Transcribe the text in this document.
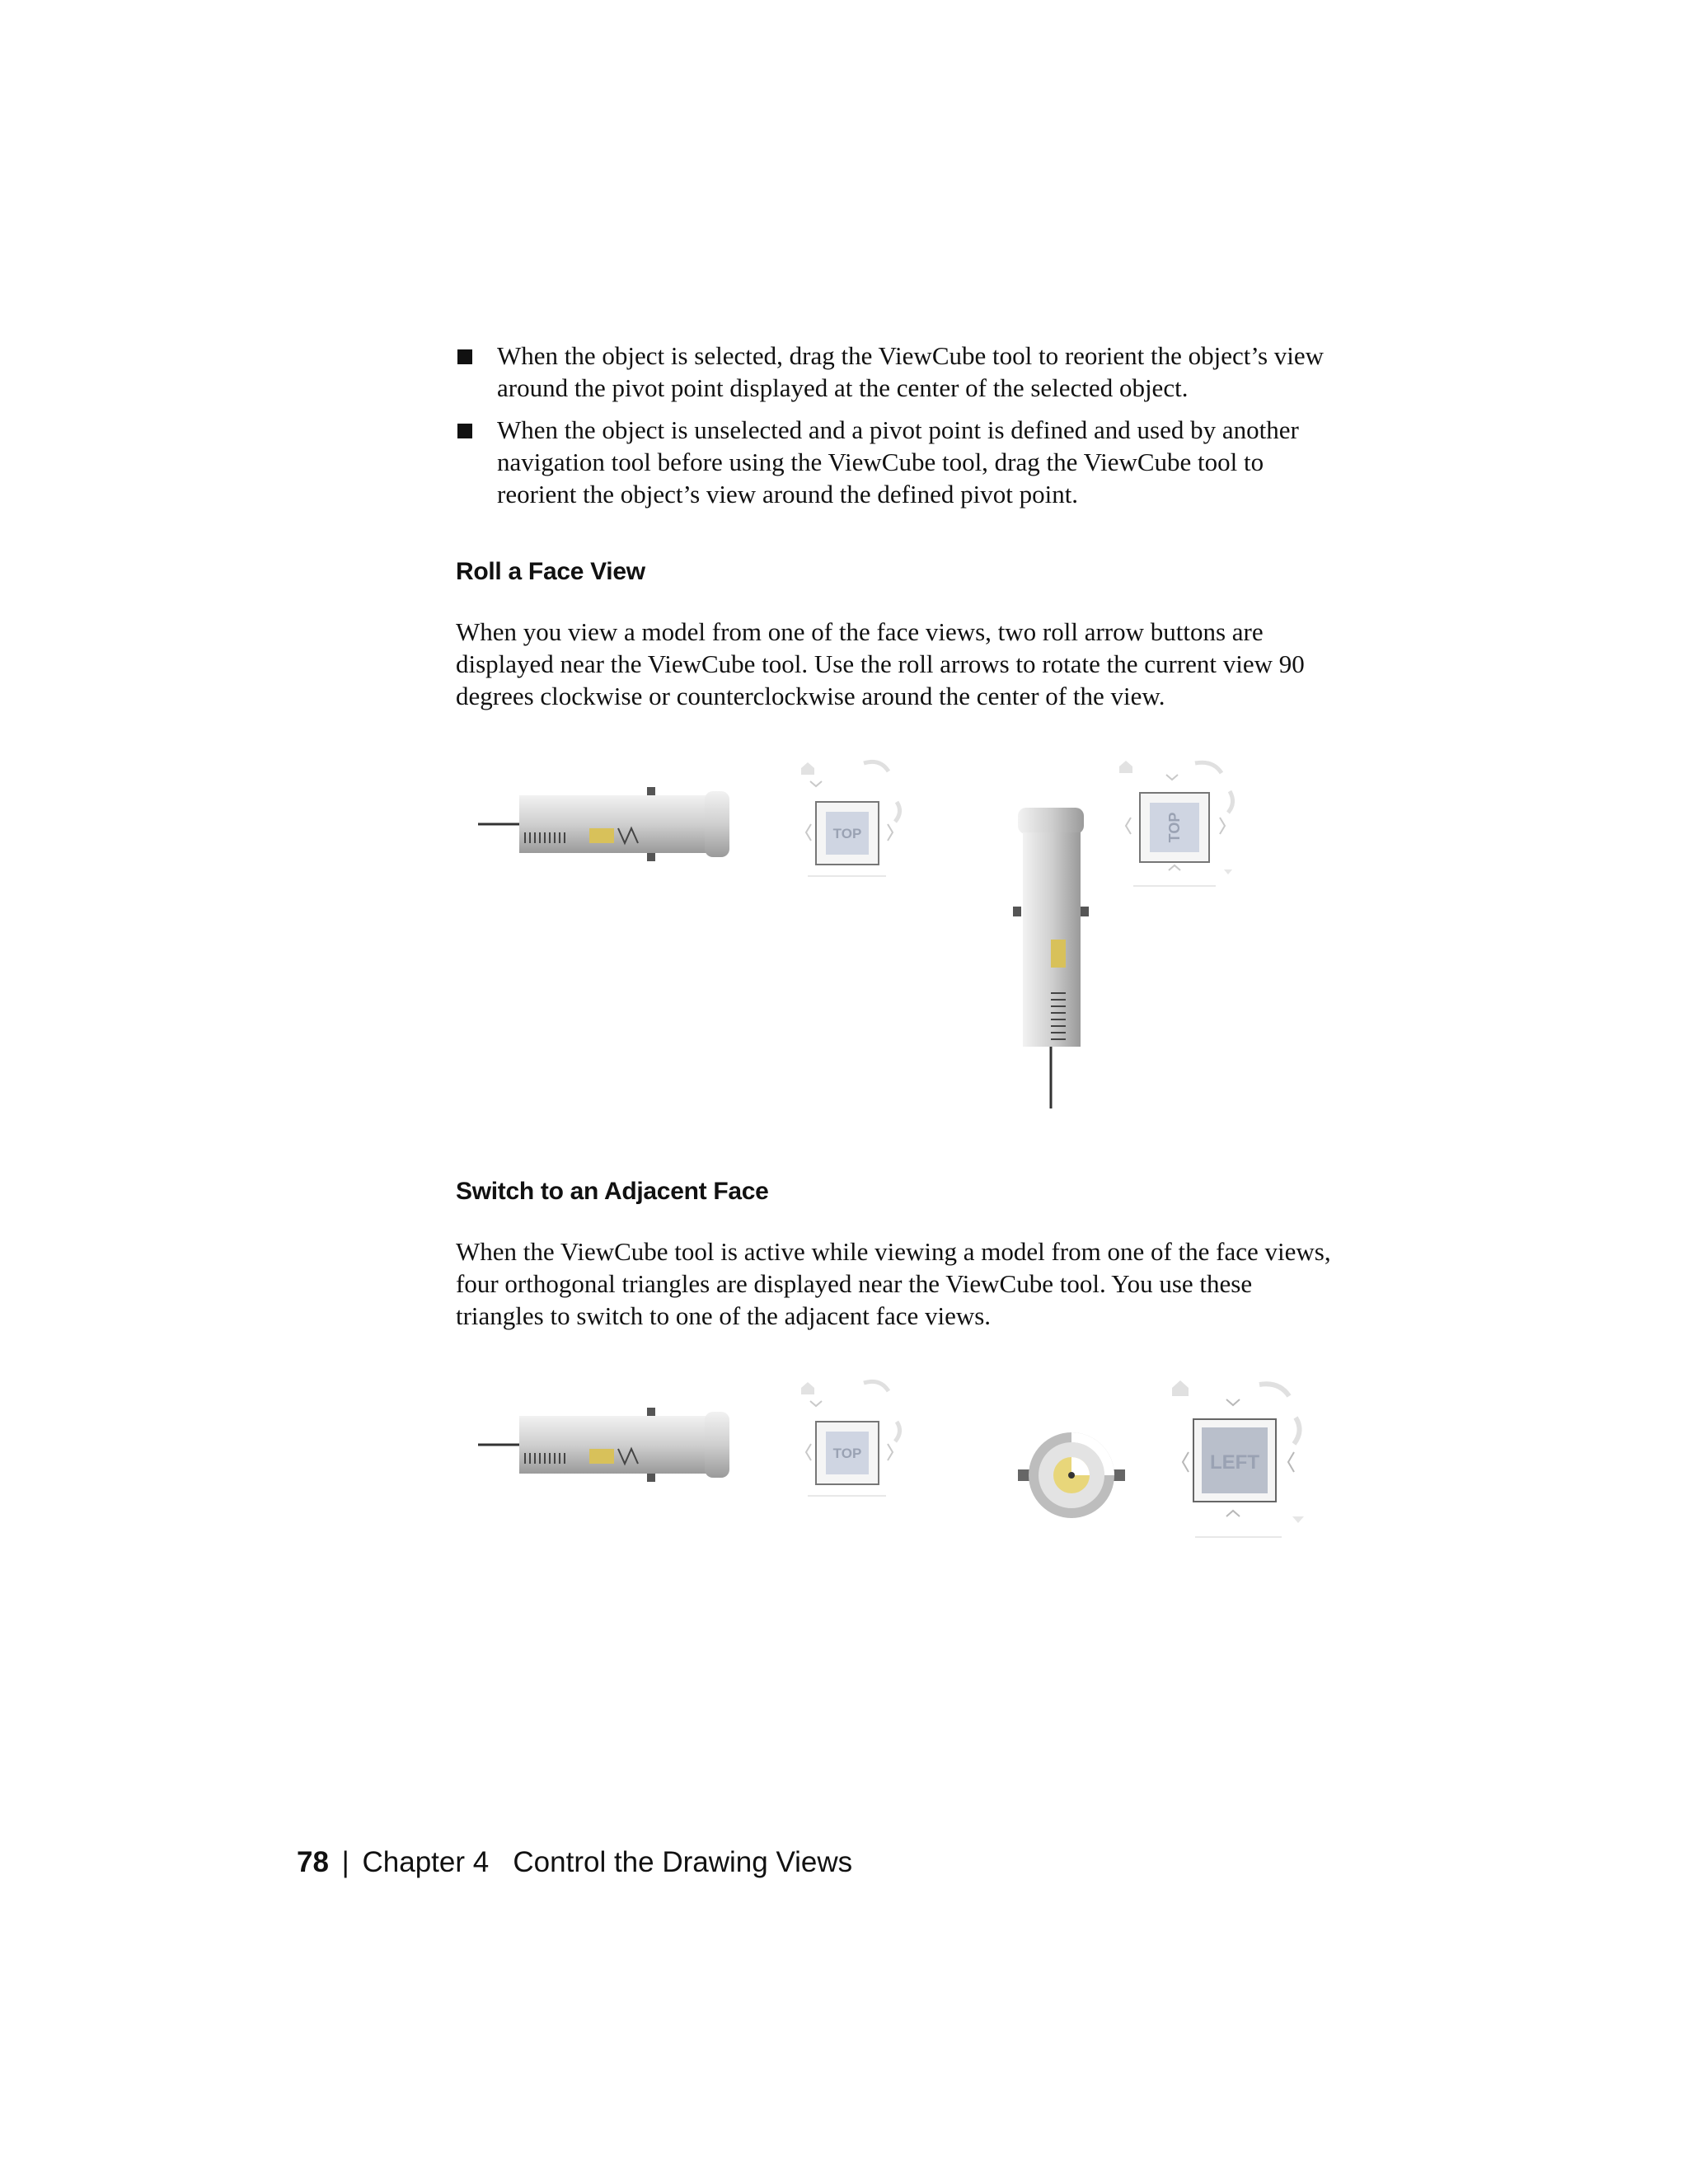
When the object is selected, drag the ViewCube tool to reorient the object’s view around the pivot point displayed at the center of the selected object.
When the object is unselected and a pivot point is defined and used by another navigation tool before using the ViewCube tool, drag the ViewCube tool to reorient the object’s view around the defined pivot point.
Roll a Face View

When you view a model from one of the face views, two roll arrow buttons are displayed near the ViewCube tool. Use the roll arrows to rotate the current view 90 degrees clockwise or counterclockwise around the center of the view.

Switch to an Adjacent Face

When the ViewCube tool is active while viewing a model from one of the face views, four orthogonal triangles are displayed near the ViewCube tool. You use these triangles to switch to one of the adjacent face views.

TOP	TOP
TOP	LEFT
78 | Chapter 4 Control the Drawing Views
